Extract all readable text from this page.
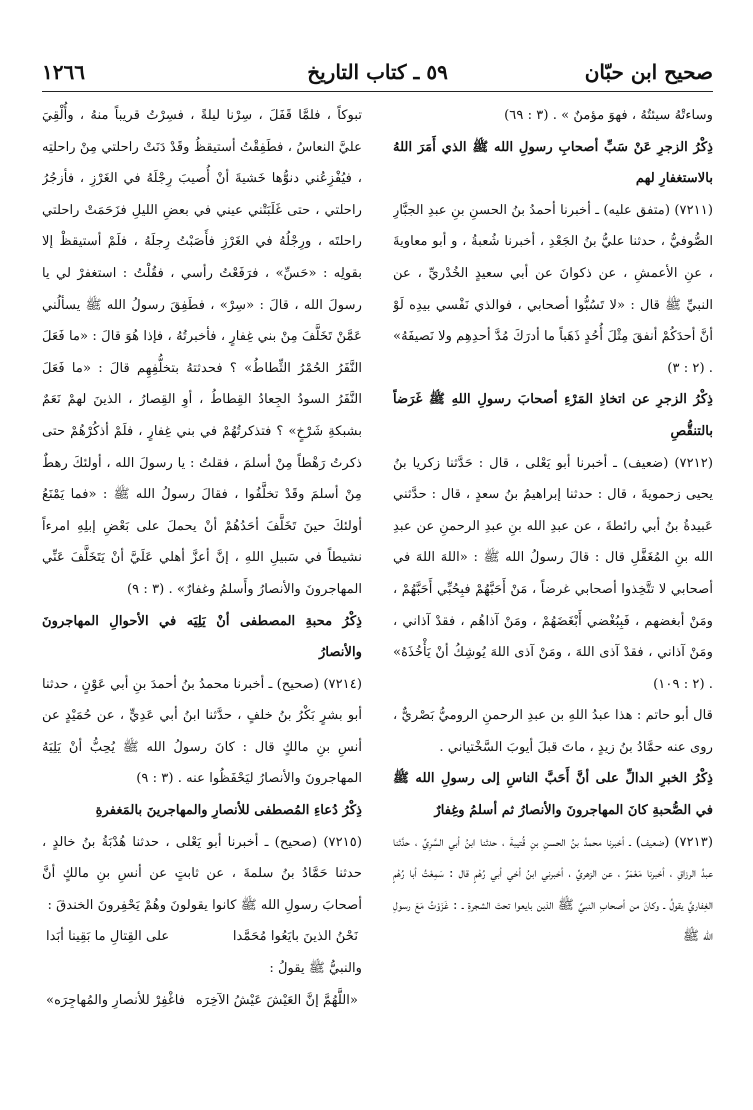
صحيح ابن حبّان
٥٩ ـ كتاب التاريخ
١٢٦٦

وساءتْهُ سيئتُهُ ، فهوَ مؤمنٌ » . (٣ : ٦٩)

ذِكْرُ الزجرِ عَنْ سَبِّ أصحابِ رسولِ الله ﷺ الذي أَمَرَ اللهُ بالاستغفارِ لهم

(٧٢١١) (متفق عليه) ـ أخبرنا أحمدُ بنُ الحسنِ بنِ عبدِ الجبَّارِ الصُّوفيُّ ، حدثنا عليُّ بنُ الجَعْدِ ، أخبرنا شُعبةُ ، و أبو معاويةَ ، عنِ الأعمشِ ، عن ذكوانَ عن أبي سعيدٍ الخُدْريِّ ، عن النبيِّ ﷺ قال : «لا تَسُبُّوا أصحابي ، فوالذي نَفْسي بيدِه لَوْ أنَّ أحدَكُمْ أنفقَ مِثْلَ أُحُدٍ ذَهَباً ما أدرَكَ مُدَّ أحدِهِم ولا نَصيفَهُ» . (٢ : ٣)

ذِكْرُ الزجرِ عن اتخاذِ المَرْءِ أصحابَ رسولِ اللهِ ﷺ غَرَضاً بالتنقُّصِ

(٧٢١٢) (ضعيف) ـ أخبرنا أبو يَعْلى ، قال : حَدَّثنا زكريا بنُ يحيى زحمويةَ ، قال : حدثنا إبراهيمُ بنُ سعدٍ ، قال : حدَّثني عَبيدةُ بنُ أبي رائطةَ ، عن عبدِ الله بنِ عبدِ الرحمنِ عن عبدِ الله بنِ المُغَفَّلِ قال : قالَ رسولُ الله ﷺ : «اللهَ اللهَ في أصحابي لا تتَّخِذوا أصحابي غرضاً ، مَنْ أَحَبَّهُمْ فبِحُبِّي أَحَبَّهُمْ ، ومَنْ أبغضهم ، فَبِبُغْضي أَبْغَضَهُمْ ، ومَنْ آذاهُم ، فقدْ آذاني ، ومَنْ آذاني ، فقدْ آذى اللهَ ، ومَنْ آذى اللهَ يُوشِكُ أنْ يَأْخُذَهُ» . (٢ : ١٠٩)

قال أبو حاتم : هذا عبدُ اللهِ بن عبدِ الرحمنِ الروميُّ بَصْريٌّ ، روى عنه حمَّادُ بنُ زيدٍ ، ماتَ قبلَ أيوبَ السَّخْتياني .

ذِكْرُ الخبرِ الدالِّ على أنَّ أَحَبَّ الناسِ إلى رسولِ الله ﷺ في الصُّحبةِ كانَ المهاجرونَ والأنصارُ ثم أسلمُ وغِفارٌ

(٧٢١٣) (ضعيف) ـ أخبرنا محمدُ بنُ الحسنِ بنِ قُتيبةَ ، حدثنا ابنُ أبي السَّرِيِّ ، حدَّثنا عبدُ الرزاقِ ، أخبرنا مَعْمَرٌ ، عن الزهريِّ ، أخبرني ابنُ أخي أبي رُهْمٍ قال : سَمِعْتُ أبا رُهْمٍ الغِفاريَّ يقولُ ـ وكانَ من أصحابِ النبيِّ ﷺ الذين بايعوا تحتَ الشجرةِ ـ : غَزَوْتُ مَعَ رسولِ الله ﷺ

تبوكاً ، فلمَّا قَفَلَ ، سِرْنا ليلةً ، فسِرْتُ قريباً منهُ ، وأُلْقِيَ عليَّ النعاسُ ، فطَفِقْتُ أستيقظُ وقَدْ دَنَتْ راحلتي مِنْ راحلتِه ، فيُفْزِعُني دنوُّها خَشيةَ أنْ أُصيبَ رِجْلَهُ في الغَرْزِ ، فأزجُرُ راحلتي ، حتى غَلَبَتْني عيني في بعضِ الليلِ فزَحَمَتْ راحلتي راحلتَه ، ورِجْلُهُ في الغَرْزِ فأَصَبْتُ رِجلَهُ ، فلَمْ أستيقظْ إلا بقولِه : «حَسِّ» ، فرَفَعْتُ رأسي ، فقُلْتُ : استغفرْ لي يا رسولَ الله ، قالَ : «سِرْ» ، فطَفِقَ رسولُ الله ﷺ يسألُني عَمَّنْ تَخَلَّفَ مِنْ بني غِفارٍ ، فأخبرتُهُ ، فإذا هُوَ قالَ : «ما فَعَلَ النَّفَرُ الحُمْرُ الثِّطاطُ» ؟ فحدثتهُ بتخلُّفِهِم قالَ : «ما فَعَلَ النَّفَرُ السودُ الجِعادُ القِطاطُ ، أوِ القِصارُ ، الذينَ لهمْ نَعَمٌ بشبكةِ شَرْخٍ» ؟ فتذكرتُهُمْ في بني غِفارٍ ، فلَمْ أذكُرْهُمْ حتى ذكرتُ رَهْطاً مِنْ أسلمَ ، فقلتُ : يا رسولَ الله ، أولئكَ رهطٌ مِنْ أسلمَ وقَدْ تخلَّفُوا ، فقالَ رسولُ الله ﷺ : «فما يَمْنَعُ أولئكَ حينَ تَخَلَّفَ أحَدُهُمْ أنْ يحملَ على بَعْضِ إبلِهِ امرءاً نشيطاً في سَبيلِ اللهِ ، إنَّ أعزَّ أهلي عَلَيَّ أنْ يَتَخَلَّفَ عَنِّي المهاجرونَ والأنصارُ وأَسلمُ وغفارٌ» . (٣ : ٩)

ذِكْرُ محبةِ المصطفى أنْ يَلِيَه في الأحوالِ المهاجرونَ والأنصارُ

(٧٢١٤) (صحيح) ـ أخبرنا محمدُ بنُ أحمدَ بنِ أبي عَوْنٍ ، حدثنا أبو بشرٍ بَكْرُ بنُ خلفٍ ، حدَّثنا ابنُ أبي عَدِيٍّ ، عن حُمَيْدٍ عن أنسِ بنِ مالكٍ قال : كانَ رسولُ الله ﷺ يُحِبُّ أنْ يَلِيَهُ المهاجرونَ والأنصارُ ليَحْفَظُوا عنه . (٣ : ٩)

ذِكْرُ دُعاءِ المُصطفى للأنصارِ والمهاجرينَ بالمَغفرةِ

(٧٢١٥) (صحيح) ـ أخبرنا أبو يَعْلى ، حدثنا هُدْبَةُ بنُ خالدٍ ، حدثنا حَمَّادُ بنُ سلمةَ ، عن ثابتٍ عن أنسِ بنِ مالكٍ أنَّ أصحابَ رسولِ الله ﷺ كانوا يقولونَ وهُمْ يَحْفِرونَ الخندقَ :

نَحْنُ الذينَ بايَعُوا مُحَمَّدا
على القِتالِ ما بَقِينا أبَدا

والنبيُّ ﷺ يقولُ :

«اللَّهُمَّ إنَّ العَيْشَ عَيْشُ الآخِرَه
فاغْفِرْ للأنصارِ والمُهاجِرَه»
